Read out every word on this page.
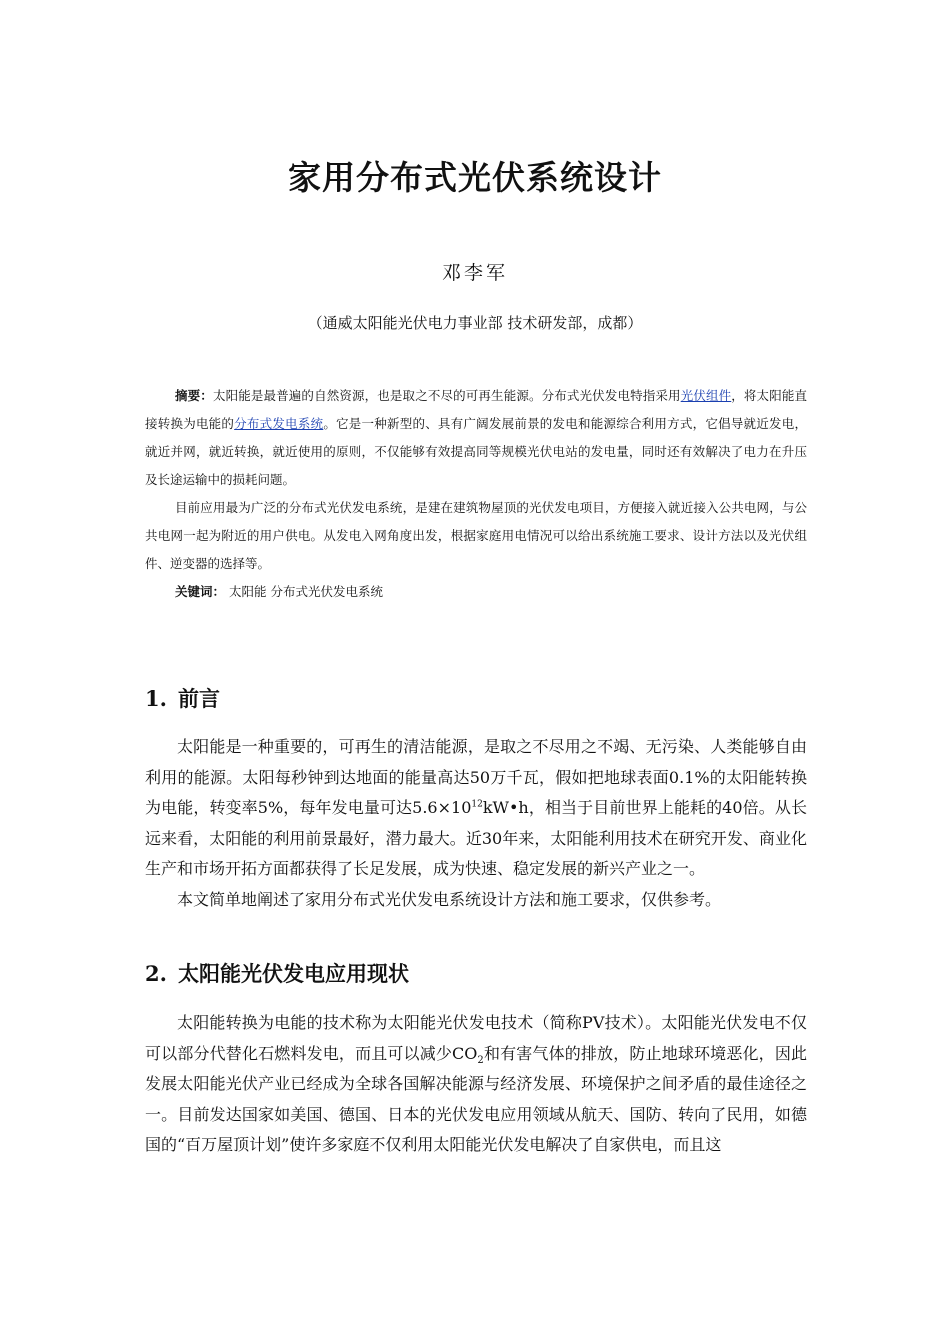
家用分布式光伏系统设计
邓李军
（通威太阳能光伏电力事业部 技术研发部，成都）

摘要：太阳能是最普遍的自然资源，也是取之不尽的可再生能源。分布式光伏发电特指采用光伏组件，将太阳能直接转换为电能的分布式发电系统。它是一种新型的、具有广阔发展前景的发电和能源综合利用方式，它倡导就近发电，就近并网，就近转换，就近使用的原则，不仅能够有效提高同等规模光伏电站的发电量，同时还有效解决了电力在升压及长途运输中的损耗问题。

目前应用最为广泛的分布式光伏发电系统，是建在建筑物屋顶的光伏发电项目，方便接入就近接入公共电网，与公共电网一起为附近的用户供电。从发电入网角度出发，根据家庭用电情况可以给出系统施工要求、设计方法以及光伏组件、逆变器的选择等。

关键词： 太阳能 分布式光伏发电系统

1. 前言

太阳能是一种重要的，可再生的清洁能源，是取之不尽用之不竭、无污染、人类能够自由利用的能源。太阳每秒钟到达地面的能量高达50万千瓦，假如把地球表面0.1%的太阳能转换为电能，转变率5%，每年发电量可达$5.6\times 10^{12}kW•h$，相当于目前世界上能耗的40倍。从长远来看，太阳能的利用前景最好，潜力最大。近30年来，太阳能利用技术在研究开发、商业化生产和市场开拓方面都获得了长足发展，成为快速、稳定发展的新兴产业之一。

本文简单地阐述了家用分布式光伏发电系统设计方法和施工要求，仅供参考。

2. 太阳能光伏发电应用现状

太阳能转换为电能的技术称为太阳能光伏发电技术（简称PV技术）。太阳能光伏发电不仅可以部分代替化石燃料发电，而且可以减少$CO_2$和有害气体的排放，防止地球环境恶化，因此发展太阳能光伏产业已经成为全球各国解决能源与经济发展、环境保护之间矛盾的最佳途径之一。目前发达国家如美国、德国、日本的光伏发电应用领域从航天、国防、转向了民用，如德国的“百万屋顶计划”使许多家庭不仅利用太阳能光伏发电解决了自家供电，而且这
